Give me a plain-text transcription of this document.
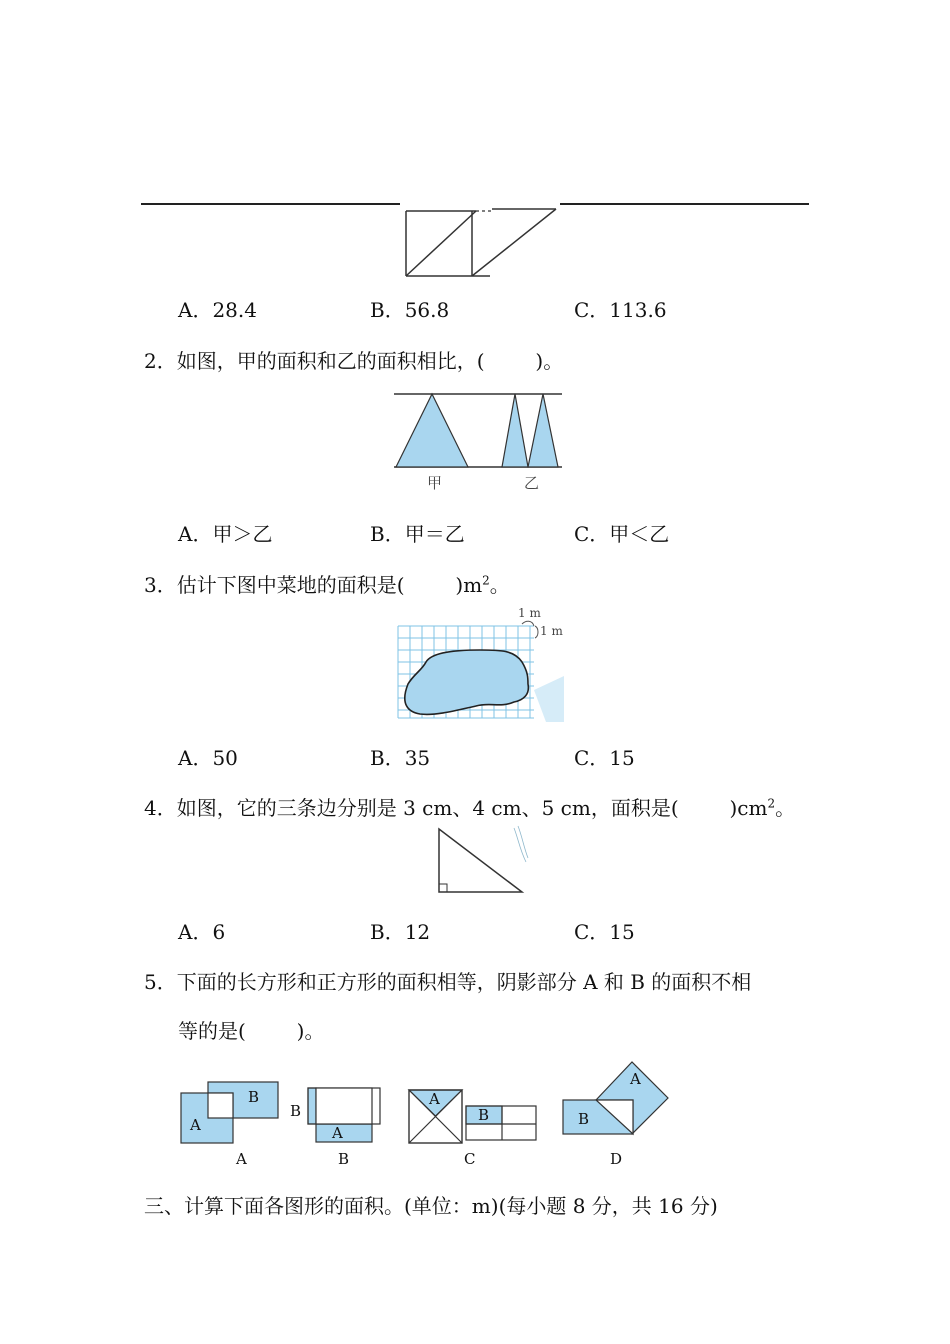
A．28.4	B．56.8	C．113.6
2．如图，甲的面积和乙的面积相比，(        )。
甲	乙
A．甲＞乙	B．甲＝乙	C．甲＜乙
3．估计下图中菜地的面积是(        )$m^2$。
1 m
1 m
A．50	B．35	C．15
4．如图，它的三条边分别是 3 cm、4 cm、5 cm，面积是(        )$cm^2$。
A．6	B．12	C．15
5．下面的长方形和正方形的面积相等，阴影部分 A 和 B 的面积不相
等的是(        )。
B
A
A
B
A
B
A
B
C
A
B
D
三、计算下面各图形的面积。(单位：m)(每小题 8 分，共 16 分)
